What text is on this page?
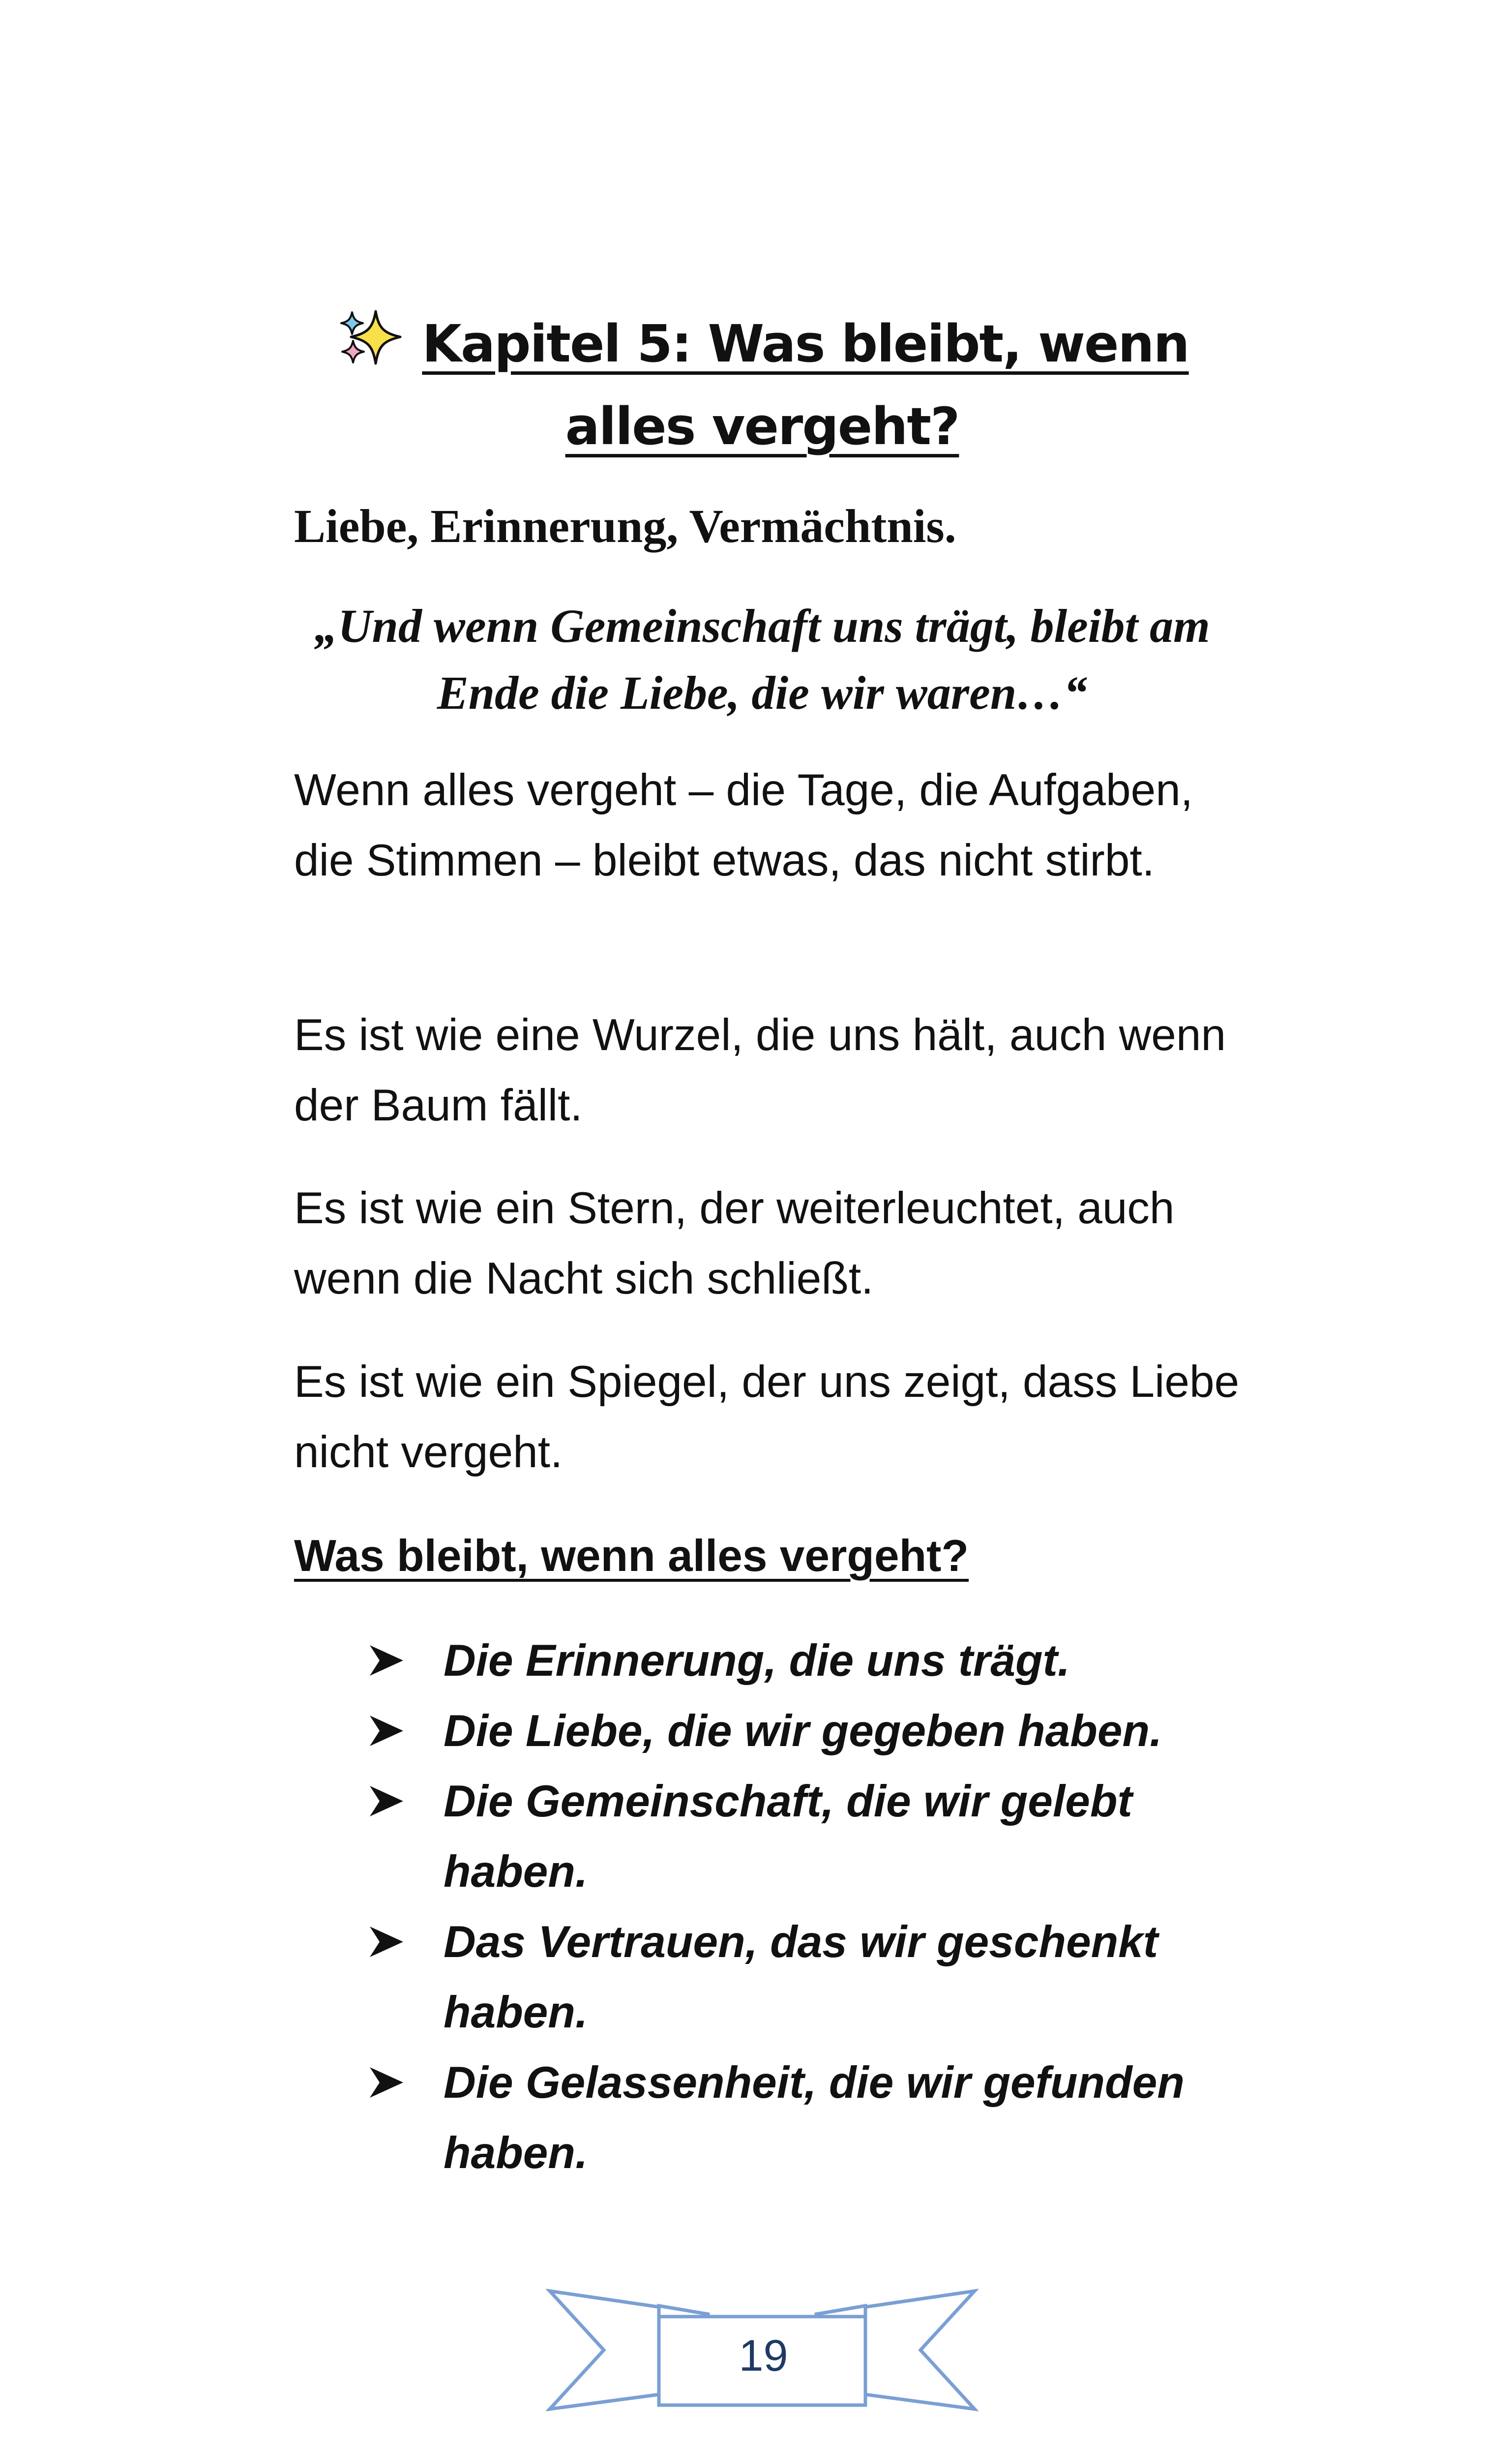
Kapitel 5: Was bleibt, wenn alles vergeht?

Liebe, Erinnerung, Vermächtnis.

„Und wenn Gemeinschaft uns trägt, bleibt am Ende die Liebe, die wir waren…“

Wenn alles vergeht – die Tage, die Aufgaben, die Stimmen – bleibt etwas, das nicht stirbt.

Es ist wie eine Wurzel, die uns hält, auch wenn der Baum fällt.

Es ist wie ein Stern, der weiterleuchtet, auch wenn die Nacht sich schließt.

Es ist wie ein Spiegel, der uns zeigt, dass Liebe nicht vergeht.

Was bleibt, wenn alles vergeht?

Die Erinnerung, die uns trägt.
Die Liebe, die wir gegeben haben.
Die Gemeinschaft, die wir gelebt haben.
Das Vertrauen, das wir geschenkt haben.
Die Gelassenheit, die wir gefunden haben.
19
